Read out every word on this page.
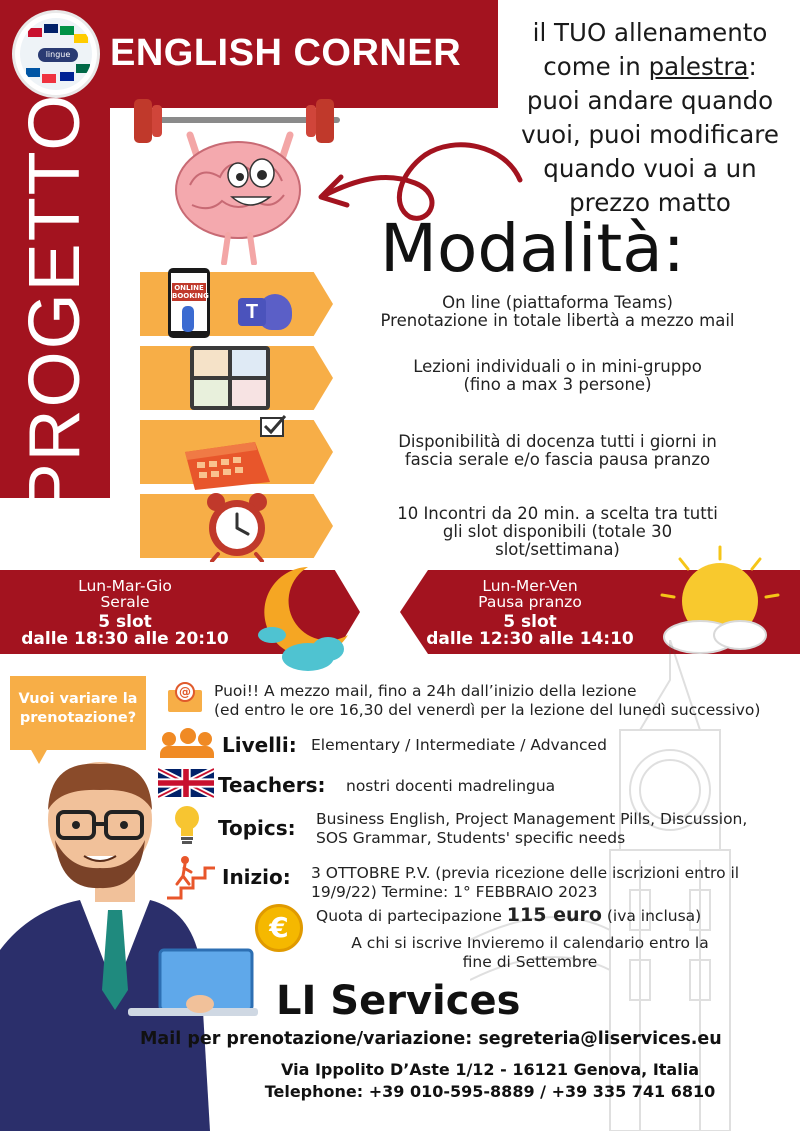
lingue ENGLISH CORNER
PROGETTO
il TUO allenamento
come in palestra:
puoi andare quando
vuoi, puoi modificare
quando vuoi a un
prezzo matto
Modalità:
ONLINE BOOKING
T	On line (piattaforma Teams)
Prenotazione in totale libertà a mezzo mail
Lezioni individuali o in mini-gruppo
(fino a max 3 persone)
Disponibilità di docenza tutti i giorni in
fascia serale e/o fascia pausa pranzo
10 Incontri da 20 min. a scelta tra tutti
gli slot disponibili (totale 30
slot/settimana)
Lun-Mar-Gio
Serale
5 slot
dalle 18:30 alle 20:10
Lun-Mer-Ven
Pausa pranzo
5 slot
dalle 12:30 alle 14:10
Vuoi variare la
prenotazione?
@ Puoi!! A mezzo mail, fino a 24h dall’inizio della lezione
(ed entro le ore 16,30 del venerdì per la lezione del lunedì successivo)
Livelli: Elementary / Intermediate / Advanced
Teachers: nostri docenti madrelingua
Topics: Business English, Project Management Pills, Discussion,
SOS Grammar, Students' specific needs
Inizio: 3 OTTOBRE P.V. (previa ricezione delle iscrizioni entro il
19/9/22) Termine: 1° FEBBRAIO 2023
€	Quota di partecipazione 115 euro (iva inclusa)
A chi si iscrive Invieremo il calendario entro la
fine di Settembre
LI Services
Mail per prenotazione/variazione: segreteria@liservices.eu
Via Ippolito D’Aste 1/12 - 16121 Genova, Italia
Telephone: +39 010-595-8889 / +39 335 741 6810
